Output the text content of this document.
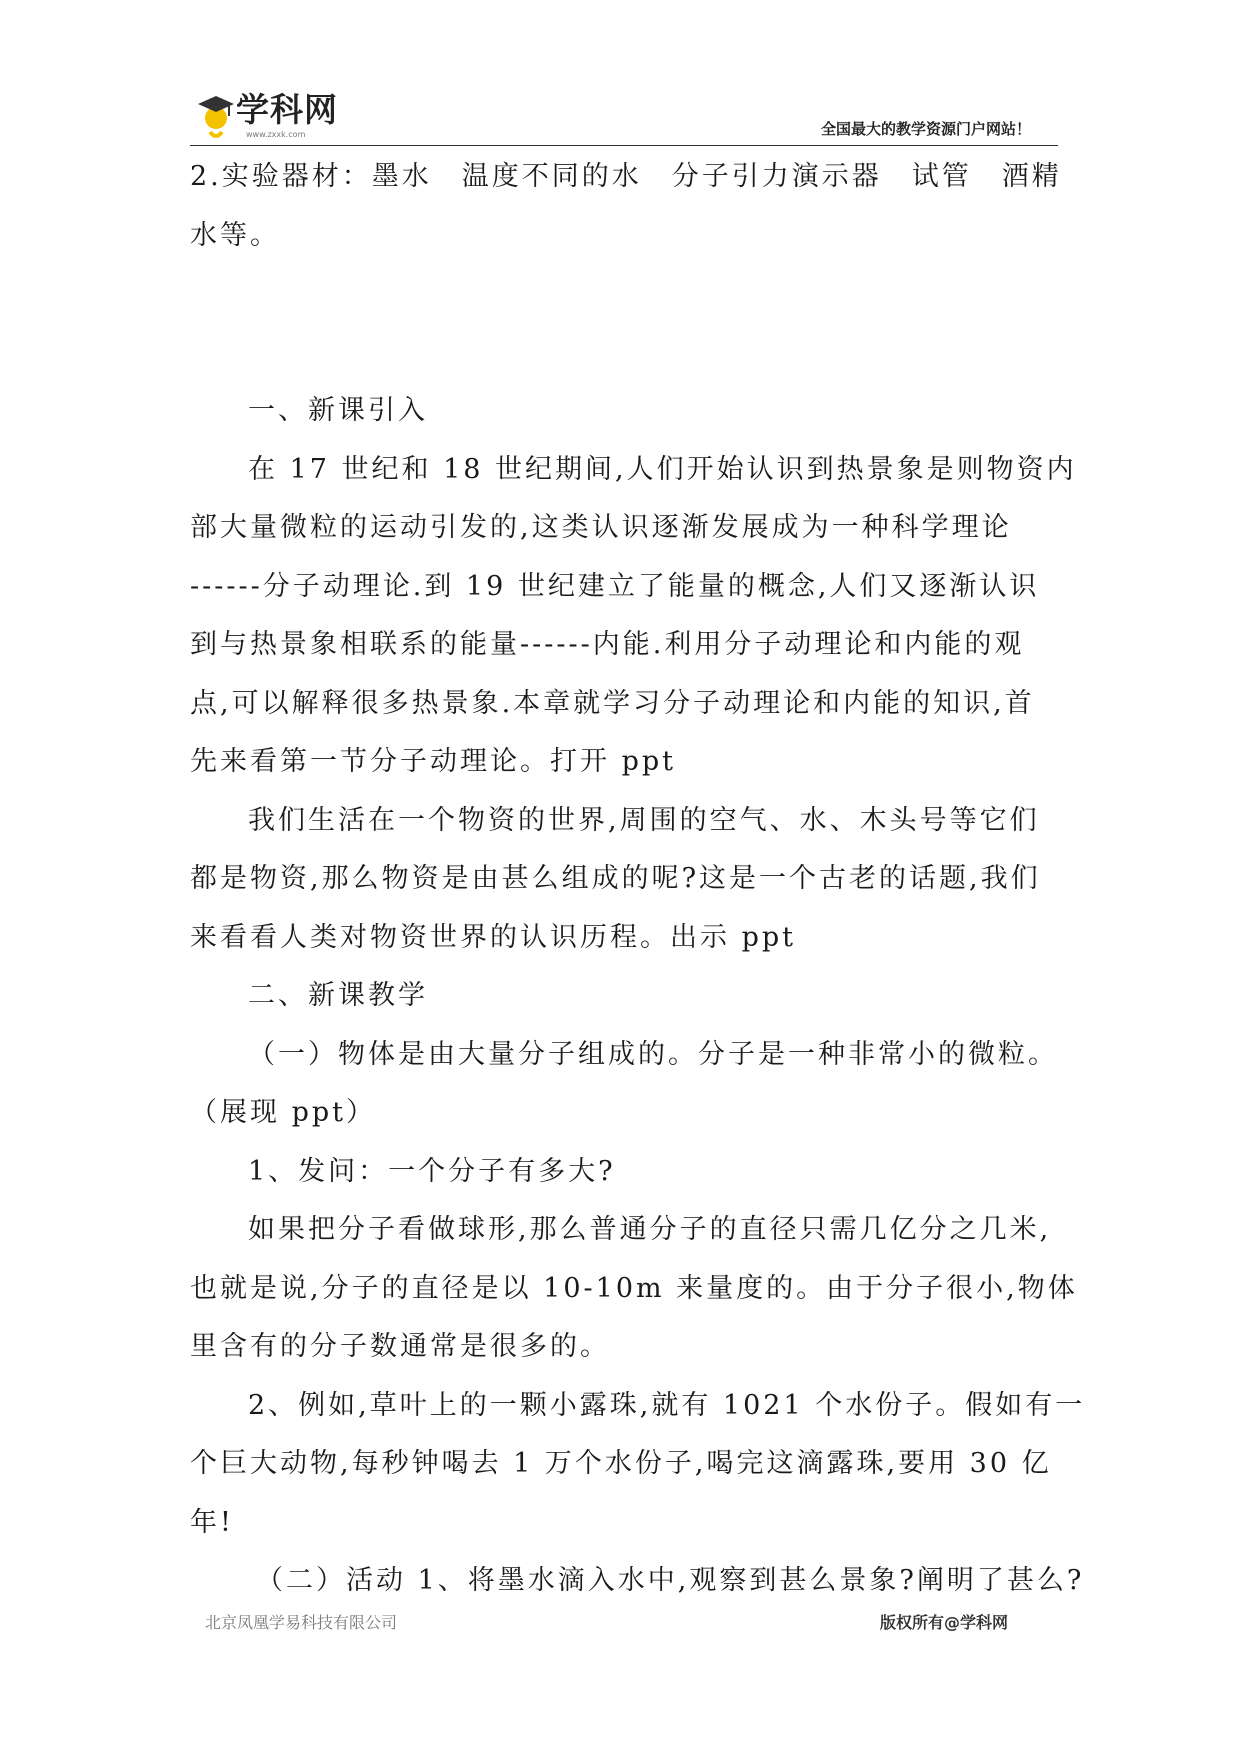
学科网
www.zxxk.com	全国最大的教学资源门户网站！

2.实验器材：墨水　温度不同的水　分子引力演示器　试管　酒精

水等。

一、新课引入

在 17 世纪和 18 世纪期间,人们开始认识到热景象是则物资内

部大量微粒的运动引发的,这类认识逐渐发展成为一种科学理论

------分子动理论.到 19 世纪建立了能量的概念,人们又逐渐认识

到与热景象相联系的能量------内能.利用分子动理论和内能的观

点,可以解释很多热景象.本章就学习分子动理论和内能的知识,首

先来看第一节分子动理论。打开 ppt

我们生活在一个物资的世界,周围的空气、水、木头号等它们

都是物资,那么物资是由甚么组成的呢?这是一个古老的话题,我们

来看看人类对物资世界的认识历程。出示 ppt

二、新课教学

（一）物体是由大量分子组成的。分子是一种非常小的微粒。

（展现 ppt）

1、发问：一个分子有多大?

如果把分子看做球形,那么普通分子的直径只需几亿分之几米,

也就是说,分子的直径是以 10-10m 来量度的。由于分子很小,物体

里含有的分子数通常是很多的。

2、例如,草叶上的一颗小露珠,就有 1021 个水份子。假如有一

个巨大动物,每秒钟喝去 1 万个水份子,喝完这滴露珠,要用 30 亿

年!

（二）活动 1、将墨水滴入水中,观察到甚么景象?阐明了甚么?

北京凤凰学易科技有限公司	版权所有@学科网
